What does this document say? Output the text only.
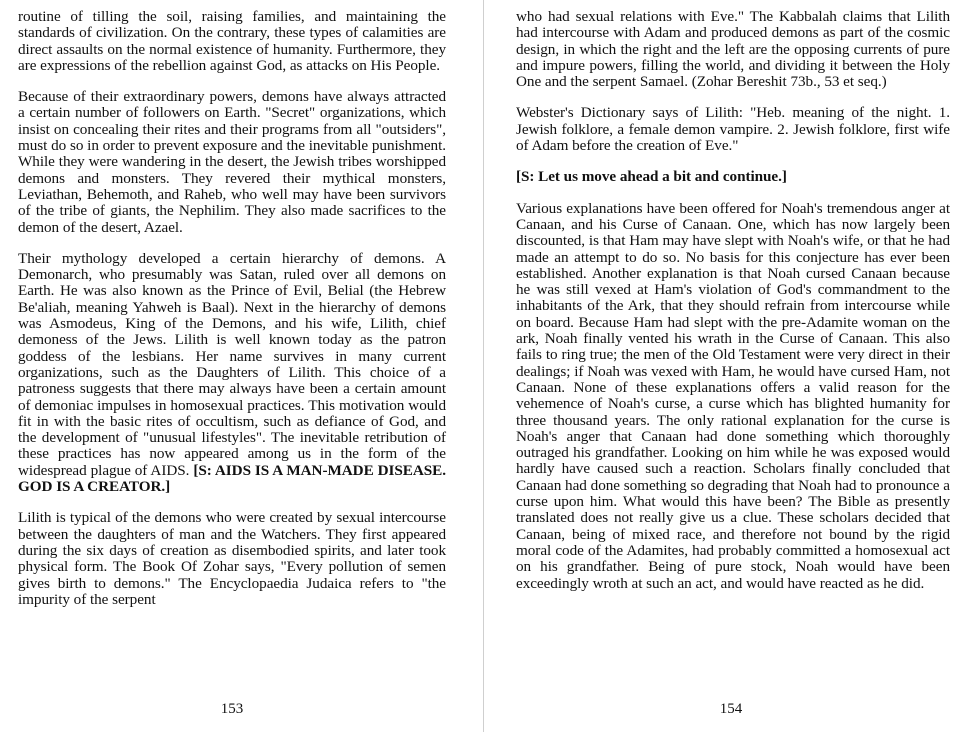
routine of tilling the soil, raising families, and maintaining the standards of civilization. On the contrary, these types of calamities are direct assaults on the normal existence of humanity. Furthermore, they are expressions of the rebellion against God, as attacks on His People.

Because of their extraordinary powers, demons have always attracted a certain number of followers on Earth. "Secret" organizations, which insist on concealing their rites and their programs from all "outsiders", must do so in order to prevent exposure and the inevitable punishment. While they were wandering in the desert, the Jewish tribes worshipped demons and monsters. They revered their mythical monsters, Leviathan, Behemoth, and Raheb, who well may have been survivors of the tribe of giants, the Nephilim. They also made sacrifices to the demon of the desert, Azael.

Their mythology developed a certain hierarchy of demons. A Demonarch, who presumably was Satan, ruled over all demons on Earth. He was also known as the Prince of Evil, Belial (the Hebrew Be'aliah, meaning Yahweh is Baal). Next in the hierarchy of demons was Asmodeus, King of the Demons, and his wife, Lilith, chief demoness of the Jews. Lilith is well known today as the patron goddess of the lesbians. Her name survives in many current organizations, such as the Daughters of Lilith. This choice of a patroness suggests that there may always have been a certain amount of demoniac impulses in homosexual practices. This motivation would fit in with the basic rites of occultism, such as defiance of God, and the development of "unusual lifestyles". The inevitable retribution of these practices has now appeared among us in the form of the widespread plague of AIDS. [S: AIDS IS A MAN-MADE DISEASE. GOD IS A CREATOR.]

Lilith is typical of the demons who were created by sexual intercourse between the daughters of man and the Watchers. They first appeared during the six days of creation as disembodied spirits, and later took physical form. The Book Of Zohar says, "Every pollution of semen gives birth to demons." The Encyclopaedia Judaica refers to "the impurity of the serpent

who had sexual relations with Eve." The Kabbalah claims that Lilith had intercourse with Adam and produced demons as part of the cosmic design, in which the right and the left are the opposing currents of pure and impure powers, filling the world, and dividing it between the Holy One and the serpent Samael. (Zohar Bereshit 73b., 53 et seq.)

Webster's Dictionary says of Lilith: "Heb. meaning of the night. 1. Jewish folklore, a female demon vampire. 2. Jewish folklore, first wife of Adam before the creation of Eve."

[S: Let us move ahead a bit and continue.]

Various explanations have been offered for Noah's tremendous anger at Canaan, and his Curse of Canaan. One, which has now largely been discounted, is that Ham may have slept with Noah's wife, or that he had made an attempt to do so. No basis for this conjecture has ever been established. Another explanation is that Noah cursed Canaan because he was still vexed at Ham's violation of God's commandment to the inhabitants of the Ark, that they should refrain from intercourse while on board. Because Ham had slept with the pre-Adamite woman on the ark, Noah finally vented his wrath in the Curse of Canaan. This also fails to ring true; the men of the Old Testament were very direct in their dealings; if Noah was vexed with Ham, he would have cursed Ham, not Canaan. None of these explanations offers a valid reason for the vehemence of Noah's curse, a curse which has blighted humanity for three thousand years. The only rational explanation for the curse is Noah's anger that Canaan had done something which thoroughly outraged his grandfather. Looking on him while he was exposed would hardly have caused such a reaction. Scholars finally concluded that Canaan had done something so degrading that Noah had to pronounce a curse upon him. What would this have been? The Bible as presently translated does not really give us a clue. These scholars decided that Canaan, being of mixed race, and therefore not bound by the rigid moral code of the Adamites, had probably committed a homosexual act on his grandfather. Being of pure stock, Noah would have been exceedingly wroth at such an act, and would have reacted as he did.

153	154
